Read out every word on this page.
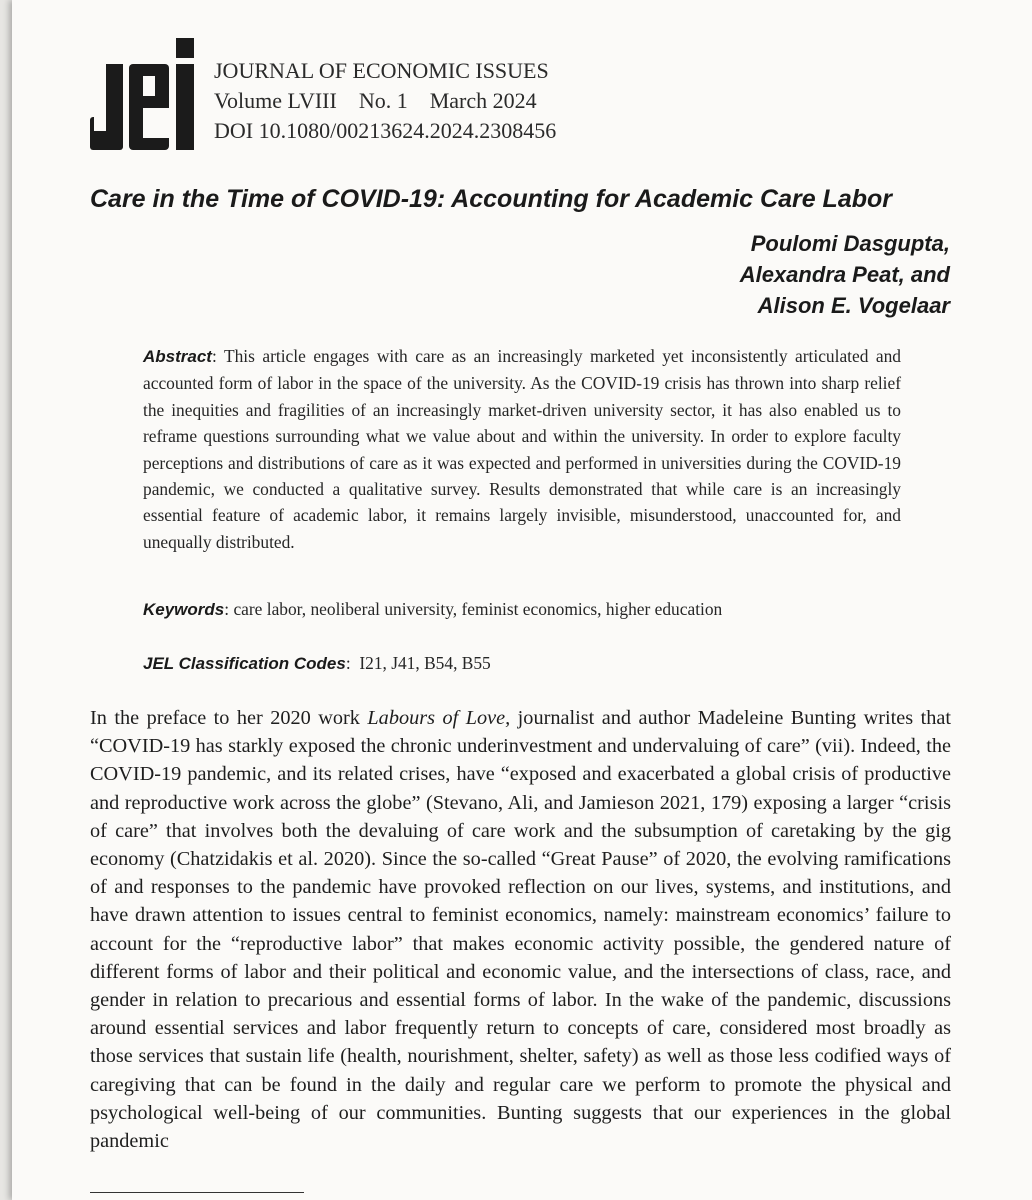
JOURNAL OF ECONOMIC ISSUES
Volume LVIII No. 1 March 2024
DOI 10.1080/00213624.2024.2308456
Care in the Time of COVID-19: Accounting for Academic Care Labor
Poulomi Dasgupta,
Alexandra Peat, and
Alison E. Vogelaar
Abstract: This article engages with care as an increasingly marketed yet inconsistently articulated and accounted form of labor in the space of the university. As the COVID-19 crisis has thrown into sharp relief the inequities and fragilities of an increasingly market-driven university sector, it has also enabled us to reframe questions surrounding what we value about and within the university. In order to explore faculty perceptions and distributions of care as it was expected and performed in universities during the COVID-19 pandemic, we conducted a qualitative survey. Results demonstrated that while care is an increasingly essential feature of academic labor, it remains largely invisible, misunderstood, unaccounted for, and unequally distributed.
Keywords: care labor, neoliberal university, feminist economics, higher education
JEL Classification Codes:  I21, J41, B54, B55
In the preface to her 2020 work Labours of Love, journalist and author Madeleine Bunting writes that “COVID-19 has starkly exposed the chronic underinvestment and undervaluing of care” (vii). Indeed, the COVID-19 pandemic, and its related crises, have “exposed and exacerbated a global crisis of productive and reproductive work across the globe” (Stevano, Ali, and Jamieson 2021, 179) exposing a larger “crisis of care” that involves both the devaluing of care work and the subsumption of caretaking by the gig economy (Chatzidakis et al. 2020). Since the so-called “Great Pause” of 2020, the evolving ramifications of and responses to the pandemic have provoked reflection on our lives, systems, and institutions, and have drawn attention to issues central to feminist economics, namely: mainstream economics’ failure to account for the “reproductive labor” that makes economic activity possible, the gendered nature of different forms of labor and their political and economic value, and the intersections of class, race, and gender in relation to precarious and essential forms of labor. In the wake of the pandemic, discussions around essential services and labor frequently return to concepts of care, considered most broadly as those services that sustain life (health, nourishment, shelter, safety) as well as those less codified ways of caregiving that can be found in the daily and regular care we perform to promote the physical and psychological well-being of our communities. Bunting suggests that our experiences in the global pandemic
